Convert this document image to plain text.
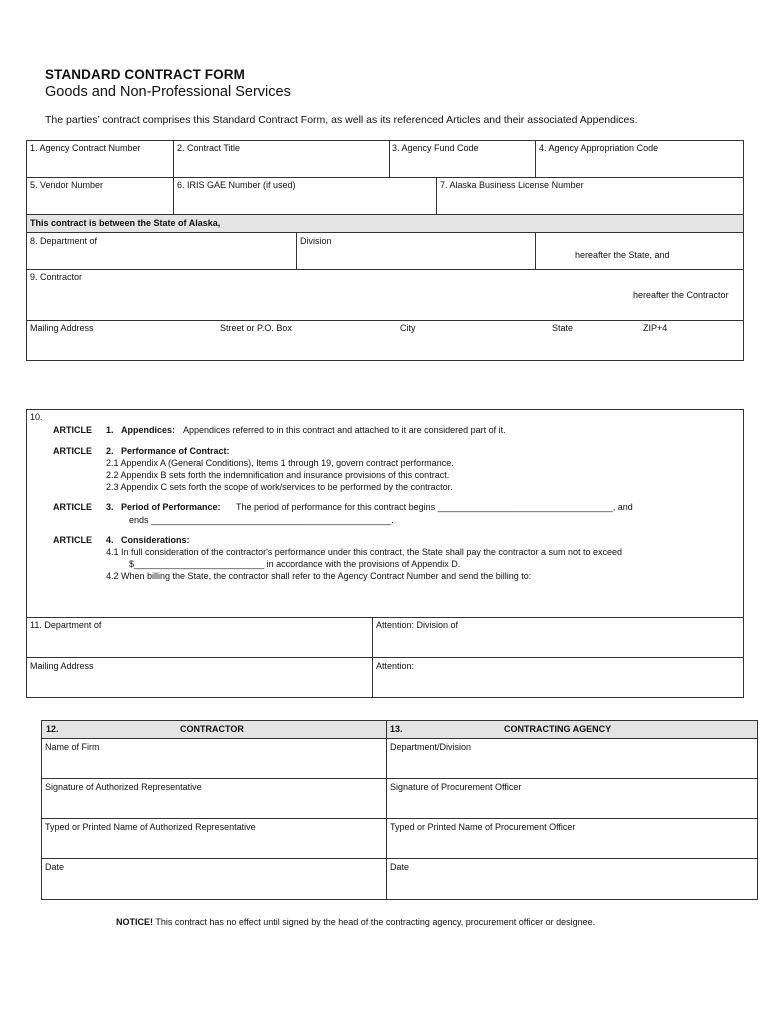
STANDARD CONTRACT FORM
Goods and Non-Professional Services
The parties’ contract comprises this Standard Contract Form, as well as its referenced Articles and their associated Appendices.
1. Agency Contract Number	2. Contract Title	3. Agency Fund Code	4. Agency Appropriation Code
5. Vendor Number	6. IRIS GAE Number (if used)	7. Alaska Business License Number
This contract is between the State of Alaska,
8. Department of	Division
hereafter the State, and
9. Contractor
hereafter the Contractor
Mailing Address	Street or P.O. Box	City	State	ZIP+4
10.
ARTICLE 1. Appendices: Appendices referred to in this contract and attached to it are considered part of it.
ARTICLE 2. Performance of Contract:
2.1 Appendix A (General Conditions), Items 1 through 19, govern contract performance.
2.2 Appendix B sets forth the indemnification and insurance provisions of this contract.
2.3 Appendix C sets forth the scope of work/services to be performed by the contractor.
ARTICLE 3. Period of Performance: The period of performance for this contract begins ___________________________________, and
ends ________________________________________________.
ARTICLE 4. Considerations:
4.1 In full consideration of the contractor's performance under this contract, the State shall pay the contractor a sum not to exceed
$__________________________ in accordance with the provisions of Appendix D.
4.2 When billing the State, the contractor shall refer to the Agency Contract Number and send the billing to:
11. Department of	Attention: Division of
Mailing Address	Attention:
12.	CONTRACTOR	13.	CONTRACTING AGENCY
Name of Firm	Department/Division
Signature of Authorized Representative	Signature of Procurement Officer
Typed or Printed Name of Authorized Representative	Typed or Printed Name of Procurement Officer
Date	Date
NOTICE! This contract has no effect until signed by the head of the contracting agency, procurement officer or designee.
